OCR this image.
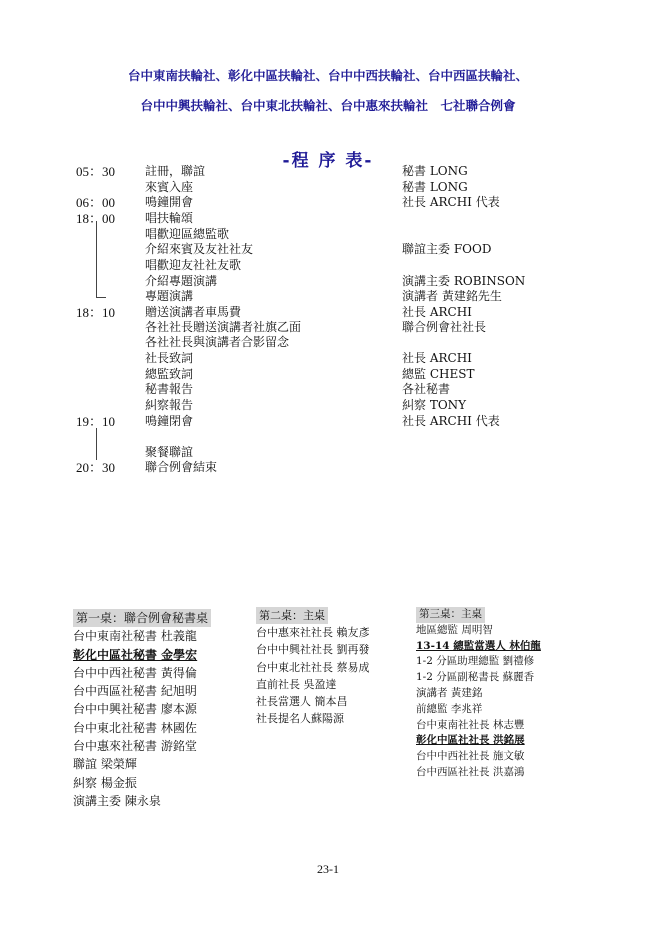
台中東南扶輪社、彰化中區扶輪社、台中中西扶輪社、台中西區扶輪社、
台中中興扶輪社、台中東北扶輪社、台中惠來扶輪社　七社聯合例會
-程 序 表-
05：30	註冊，聯誼	秘書 LONG
來賓入座	秘書 LONG
06：00	鳴鐘開會	社長 ARCHI 代表
18：00	唱扶輪頌
唱歡迎區總監歌
介紹來賓及友社社友	聯誼主委 FOOD
唱歡迎友社社友歌
介紹專題演講	演講主委 ROBINSON
專題演講	演講者 黃建銘先生
18：10	贈送演講者車馬費	社長 ARCHI
各社社長贈送演講者社旗乙面	聯合例會社社長
各社社長與演講者合影留念
社長致詞	社長 ARCHI
總監致詞	總監 CHEST
秘書報告	各社秘書
糾察報告	糾察 TONY
19：10	鳴鐘閉會	社長 ARCHI 代表
聚餐聯誼
20：30	聯合例會結束
第一桌：聯合例會秘書桌
台中東南社秘書 杜義龍
彰化中區社秘書 金學宏
台中中西社秘書 黃得倫
台中西區社秘書 紀旭明
台中中興社秘書 廖本源
台中東北社秘書 林國佐
台中惠來社秘書 游銘堂
聯誼 梁榮輝
糾察 楊金振
演講主委 陳永泉
第二桌：主桌
台中惠來社社長 賴友彥
台中中興社社長 劉再發
台中東北社社長 蔡易成
直前社長 吳盈達
社長當選人 簡本昌
社長提名人蘇陽源
第三桌：主桌
地區總監 周明智
13-14 總監當選人 林伯龍
1-2 分區助理總監 劉禮修
1-2 分區副秘書長 蘇麗香
演講者 黃建銘
前總監 李兆祥
台中東南社社長 林志豐
彰化中區社社長 洪銘展
台中中西社社長 施文敏
台中西區社社長 洪嘉鴻
23-1
